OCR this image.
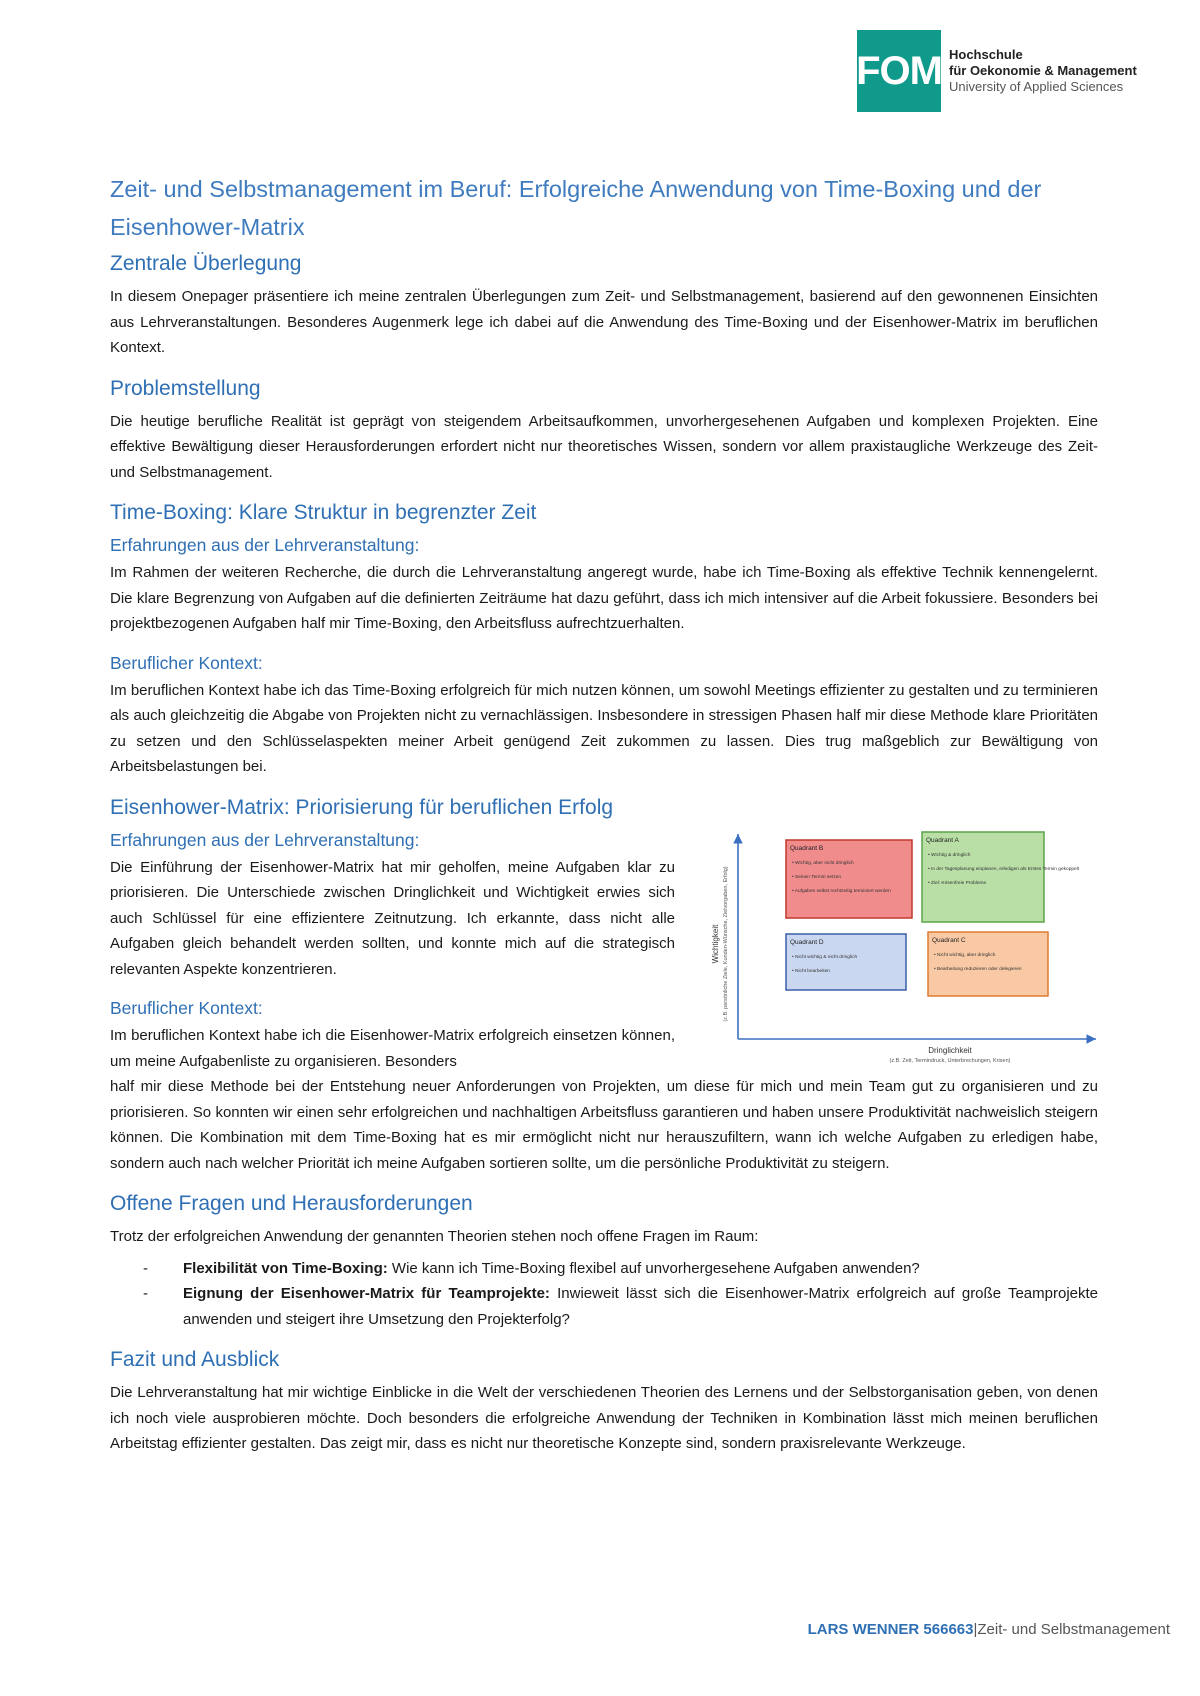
FOM Hochschule
für Oekonomie & Management
University of Applied Sciences
Zeit- und Selbstmanagement im Beruf: Erfolgreiche Anwendung von Time-Boxing und der Eisenhower-Matrix
Zentrale Überlegung

In diesem Onepager präsentiere ich meine zentralen Überlegungen zum Zeit- und Selbstmanagement, basierend auf den gewonnenen Einsichten aus Lehrveranstaltungen. Besonderes Augenmerk lege ich dabei auf die Anwendung des Time-Boxing und der Eisenhower-Matrix im beruflichen Kontext.

Problemstellung

Die heutige berufliche Realität ist geprägt von steigendem Arbeitsaufkommen, unvorhergesehenen Aufgaben und komplexen Projekten. Eine effektive Bewältigung dieser Herausforderungen erfordert nicht nur theoretisches Wissen, sondern vor allem praxistaugliche Werkzeuge des Zeit- und Selbstmanagement.

Time-Boxing: Klare Struktur in begrenzter Zeit
Erfahrungen aus der Lehrveranstaltung:

Im Rahmen der weiteren Recherche, die durch die Lehrveranstaltung angeregt wurde, habe ich Time-Boxing als effektive Technik kennengelernt. Die klare Begrenzung von Aufgaben auf die definierten Zeiträume hat dazu geführt, dass ich mich intensiver auf die Arbeit fokussiere. Besonders bei projektbezogenen Aufgaben half mir Time-Boxing, den Arbeitsfluss aufrechtzuerhalten.

Beruflicher Kontext:

Im beruflichen Kontext habe ich das Time-Boxing erfolgreich für mich nutzen können, um sowohl Meetings effizienter zu gestalten und zu terminieren als auch gleichzeitig die Abgabe von Projekten nicht zu vernachlässigen. Insbesondere in stressigen Phasen half mir diese Methode klare Prioritäten zu setzen und den Schlüsselaspekten meiner Arbeit genügend Zeit zukommen zu lassen. Dies trug maßgeblich zur Bewältigung von Arbeitsbelastungen bei.

Eisenhower-Matrix: Priorisierung für beruflichen Erfolg
Erfahrungen aus der Lehrveranstaltung:

Die Einführung der Eisenhower-Matrix hat mir geholfen, meine Aufgaben klar zu priorisieren. Die Unterschiede zwischen Dringlichkeit und Wichtigkeit erwies sich auch Schlüssel für eine effizientere Zeitnutzung. Ich erkannte, dass nicht alle Aufgaben gleich behandelt werden sollten, und konnte mich auf die strategisch relevanten Aspekte konzentrieren.

Beruflicher Kontext:

Im beruflichen Kontext habe ich die Eisenhower-Matrix erfolgreich einsetzen können, um meine Aufgabenliste zu organisieren. Besonders

half mir diese Methode bei der Entstehung neuer Anforderungen von Projekten, um diese für mich und mein Team gut zu organisieren und zu priorisieren. So konnten wir einen sehr erfolgreichen und nachhaltigen Arbeitsfluss garantieren und haben unsere Produktivität nachweislich steigern können. Die Kombination mit dem Time-Boxing hat es mir ermöglicht nicht nur herauszufiltern, wann ich welche Aufgaben zu erledigen habe, sondern auch nach welcher Priorität ich meine Aufgaben sortieren sollte, um die persönliche Produktivität zu steigern.

Quadrant B
• Wichtig, aber nicht dringlich
• Seinen Termin setzen
• Aufgaben selbst rechtzeitig terminiert werden
Quadrant A
• Wichtig & dringlich
• In der Tagesplanung einplanen, erledigen als Erstes Termin gekoppelt
• Ziel: Krisenfreie Probleme
Quadrant D
• Nicht wichtig & nicht dringlich
• Nicht bearbeiten
Quadrant C
• Nicht wichtig, aber dringlich
• Bearbeitung reduzieren oder delegieren
Wichtigkeit (z.B. persönliche Ziele, Kunden-Wünsche, Zielvorgaben, Erfolg)
Dringlichkeit
(z.B. Zeit, Termindruck, Unterbrechungen, Krisen)
Offene Fragen und Herausforderungen

Trotz der erfolgreichen Anwendung der genannten Theorien stehen noch offene Fragen im Raum:

- Flexibilität von Time-Boxing: Wie kann ich Time-Boxing flexibel auf unvorhergesehene Aufgaben anwenden?
- Eignung der Eisenhower-Matrix für Teamprojekte: Inwieweit lässt sich die Eisenhower-Matrix erfolgreich auf große Teamprojekte anwenden und steigert ihre Umsetzung den Projekterfolg?
Fazit und Ausblick

Die Lehrveranstaltung hat mir wichtige Einblicke in die Welt der verschiedenen Theorien des Lernens und der Selbstorganisation geben, von denen ich noch viele ausprobieren möchte. Doch besonders die erfolgreiche Anwendung der Techniken in Kombination lässt mich meinen beruflichen Arbeitstag effizienter gestalten. Das zeigt mir, dass es nicht nur theoretische Konzepte sind, sondern praxisrelevante Werkzeuge.

LARS WENNER 566663|Zeit- und Selbstmanagement
